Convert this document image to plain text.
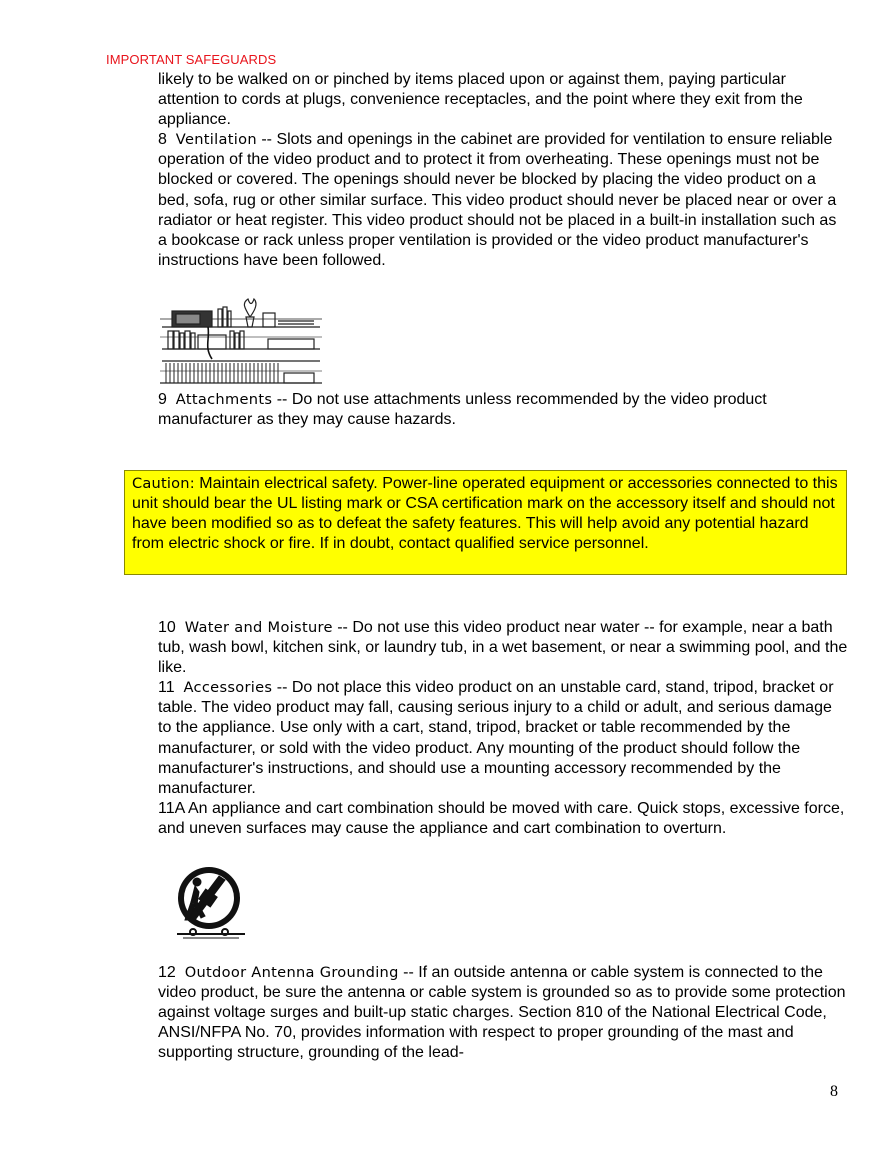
IMPORTANT SAFEGUARDS

likely to be walked on or pinched by items placed upon or against them, paying particular attention to cords at plugs, convenience receptacles, and the point where they exit from the appliance.

8 Ventilation -- Slots and openings in the cabinet are provided for ventilation to ensure reliable operation of the video product and to protect it from overheating. These openings must not be blocked or covered. The openings should never be blocked by placing the video product on a bed, sofa, rug or other similar surface. This video product should never be placed near or over a radiator or heat register. This video product should not be placed in a built-in installation such as a bookcase or rack unless proper ventilation is provided or the video product manufacturer's instructions have been followed.

9 Attachments -- Do not use attachments unless recommended by the video product manufacturer as they may cause hazards.

Caution: Maintain electrical safety. Power-line operated equipment or accessories connected to this unit should bear the UL listing mark or CSA certification mark on the accessory itself and should not have been modified so as to defeat the safety features. This will help avoid any potential hazard from electric shock or fire. If in doubt, contact qualified service personnel.

10 Water and Moisture -- Do not use this video product near water -- for example, near a bath tub, wash bowl, kitchen sink, or laundry tub, in a wet basement, or near a swimming pool, and the like.

11 Accessories -- Do not place this video product on an unstable card, stand, tripod, bracket or table. The video product may fall, causing serious injury to a child or adult, and serious damage to the appliance. Use only with a cart, stand, tripod, bracket or table recommended by the manufacturer, or sold with the video product. Any mounting of the product should follow the manufacturer's instructions, and should use a mounting accessory recommended by the manufacturer.

11A An appliance and cart combination should be moved with care. Quick stops, excessive force, and uneven surfaces may cause the appliance and cart combination to overturn.

12 Outdoor Antenna Grounding -- If an outside antenna or cable system is connected to the video product, be sure the antenna or cable system is grounded so as to provide some protection against voltage surges and built-up static charges. Section 810 of the National Electrical Code, ANSI/NFPA No. 70, provides information with respect to proper grounding of the mast and supporting structure, grounding of the lead-

8
